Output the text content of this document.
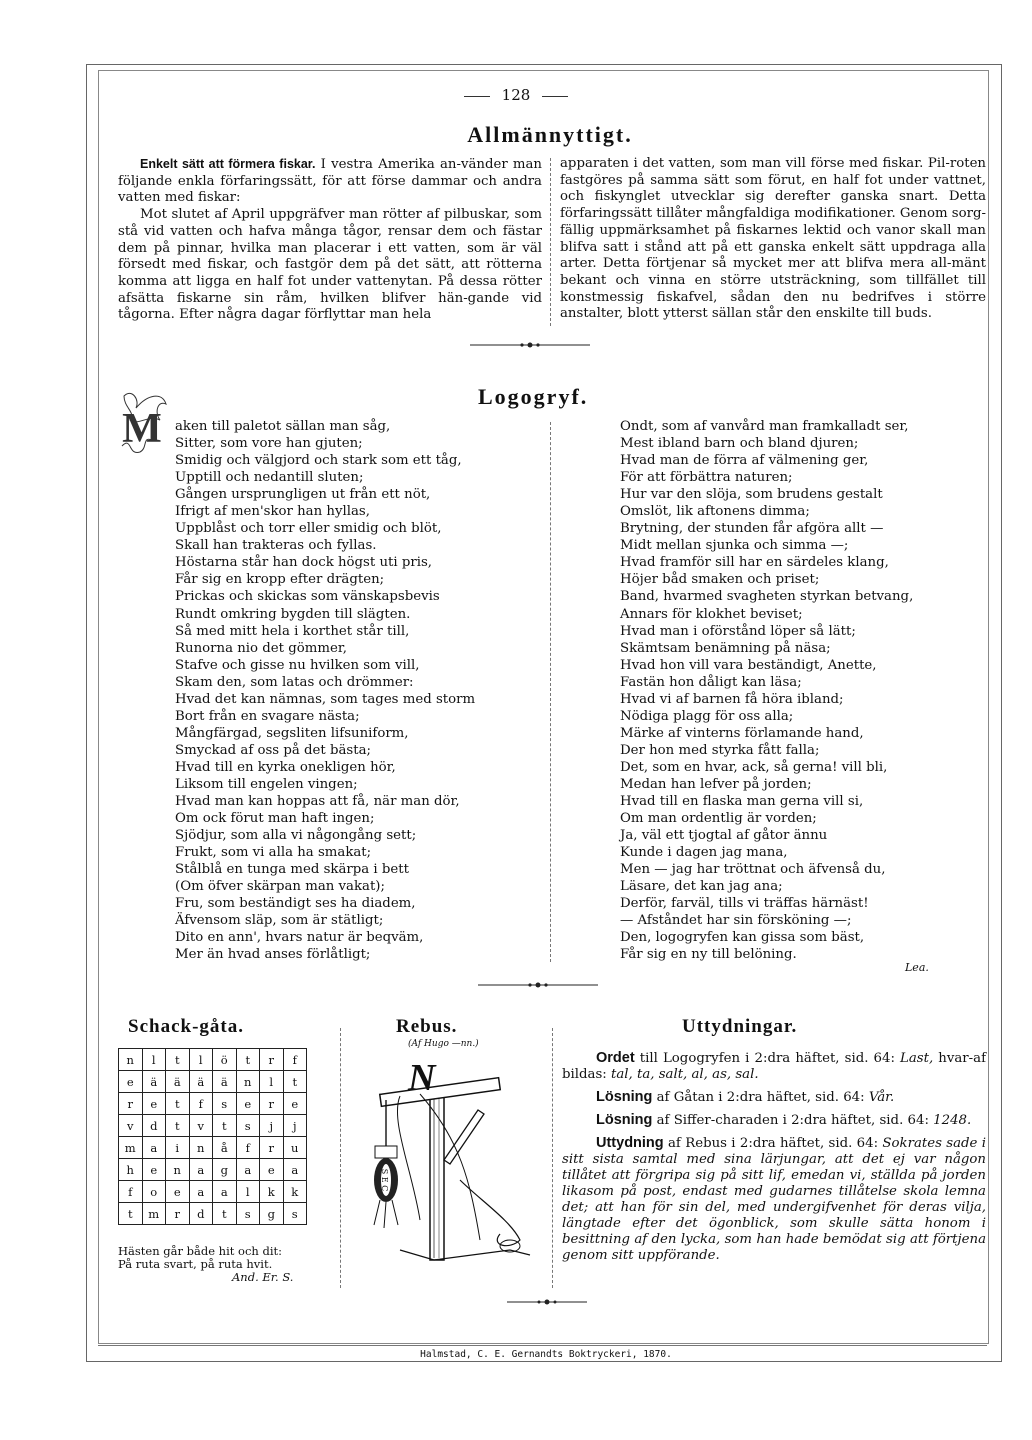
128
Allmännyttigt.

Enkelt sätt att förmera fiskar. I vestra Amerika an-vänder man följande enkla förfaringssätt, för att förse dammar och andra vatten med fiskar:

Mot slutet af April uppgräfver man rötter af pilbuskar, som stå vid vatten och hafva många tågor, rensar dem och fästar dem på pinnar, hvilka man placerar i ett vatten, som är väl försedt med fiskar, och fastgör dem på det sätt, att rötterna komma att ligga en half fot under vattenytan. På dessa rötter afsätta fiskarne sin råm, hvilken blifver hän-gande vid tågorna. Efter några dagar förflyttar man hela

apparaten i det vatten, som man vill förse med fiskar. Pil-roten fastgöres på samma sätt som förut, en half fot under vattnet, och fiskynglet utvecklar sig derefter ganska snart. Detta förfaringssätt tillåter mångfaldiga modifikationer. Genom sorg-fällig uppmärksamhet på fiskarnes lektid och vanor skall man blifva satt i stånd att på ett ganska enkelt sätt uppdraga alla arter. Detta förtjenar så mycket mer att blifva mera all-mänt bekant och vinna en större utsträckning, som tillfället till konstmessig fiskafvel, sådan den nu bedrifves i större anstalter, blott ytterst sällan står den enskilte till buds.

Logogryf.
M aken till paletot sällan man såg,
Sitter, som vore han gjuten;
Smidig och välgjord och stark som ett tåg,
Upptill och nedantill sluten;
Gången ursprungligen ut från ett nöt,
Ifrigt af men'skor han hyllas,
Uppblåst och torr eller smidig och blöt,
Skall han trakteras och fyllas.
Höstarna står han dock högst uti pris,
Får sig en kropp efter drägten;
Prickas och skickas som vänskapsbevis
Rundt omkring bygden till slägten.
Så med mitt hela i korthet står till,
Runorna nio det gömmer,
Stafve och gisse nu hvilken som vill,
Skam den, som latas och drömmer:
Hvad det kan nämnas, som tages med storm
Bort från en svagare nästa;
Mångfärgad, segsliten lifsuniform,
Smyckad af oss på det bästa;
Hvad till en kyrka onekligen hör,
Liksom till engelen vingen;
Hvad man kan hoppas att få, när man dör,
Om ock förut man haft ingen;
Sjödjur, som alla vi någongång sett;
Frukt, som vi alla ha smakat;
Stålblå en tunga med skärpa i bett
(Om öfver skärpan man vakat);
Fru, som beständigt ses ha diadem,
Äfvensom släp, som är stätligt;
Dito en ann', hvars natur är beqväm,
Mer än hvad anses förlåtligt;
Ondt, som af vanvård man framkalladt ser,
Mest ibland barn och bland djuren;
Hvad man de förra af välmening ger,
För att förbättra naturen;
Hur var den slöja, som brudens gestalt
Omslöt, lik aftonens dimma;
Brytning, der stunden får afgöra allt —
Midt mellan sjunka och simma —;
Hvad framför sill har en särdeles klang,
Höjer båd smaken och priset;
Band, hvarmed svagheten styrkan betvang,
Annars för klokhet beviset;
Hvad man i oförstånd löper så lätt;
Skämtsam benämning på näsa;
Hvad hon vill vara beständigt, Anette,
Fastän hon dåligt kan läsa;
Hvad vi af barnen få höra ibland;
Nödiga plagg för oss alla;
Märke af vinterns förlamande hand,
Der hon med styrka fått falla;
Det, som en hvar, ack, så gerna! vill bli,
Medan han lefver på jorden;
Hvad till en flaska man gerna vill si,
Om man ordentlig är vorden;
Ja, väl ett tjogtal af gåtor ännu
Kunde i dagen jag mana,
Men — jag har tröttnat och äfvenså du,
Läsare, det kan jag ana;
Derför, farväl, tills vi träffas härnäst!
— Afståndet har sin försköning —;
Den, logogryfen kan gissa som bäst,
Får sig en ny till belöning.
Lea.
Schack-gåta.
n	l	t	l	ö	t	r	f
e	ä	ä	ä	ä	n	l	t
r	e	t	f	s	e	r	e
v	d	t	v	t	s	j	j
m	a	i	n	å	f	r	u
h	e	n	a	g	a	e	a
f	o	e	a	a	l	k	k
t	m	r	d	t	s	g	s
Hästen går både hit och dit:
På ruta svart, på ruta hvit.
And. Er. S.
Rebus.
(Af Hugo —nn.)
S E C
N
Uttydningar.

Ordet till Logogryfen i 2:dra häftet, sid. 64: Last, hvar-af bildas: tal, ta, salt, al, as, sal.

Lösning af Gåtan i 2:dra häftet, sid. 64: Vår.

Lösning af Siffer-charaden i 2:dra häftet, sid. 64: 1248.

Uttydning af Rebus i 2:dra häftet, sid. 64: Sokrates sade i sitt sista samtal med sina lärjungar, att det ej var någon tillåtet att förgripa sig på sitt lif, emedan vi, ställda på jorden likasom på post, endast med gudarnes tillåtelse skola lemna det; att han för sin del, med undergifvenhet för deras vilja, längtade efter det ögonblick, som skulle sätta honom i besittning af den lycka, som han hade bemödat sig att förtjena genom sitt uppförande.

Halmstad, C. E. Gernandts Boktryckeri, 1870.
